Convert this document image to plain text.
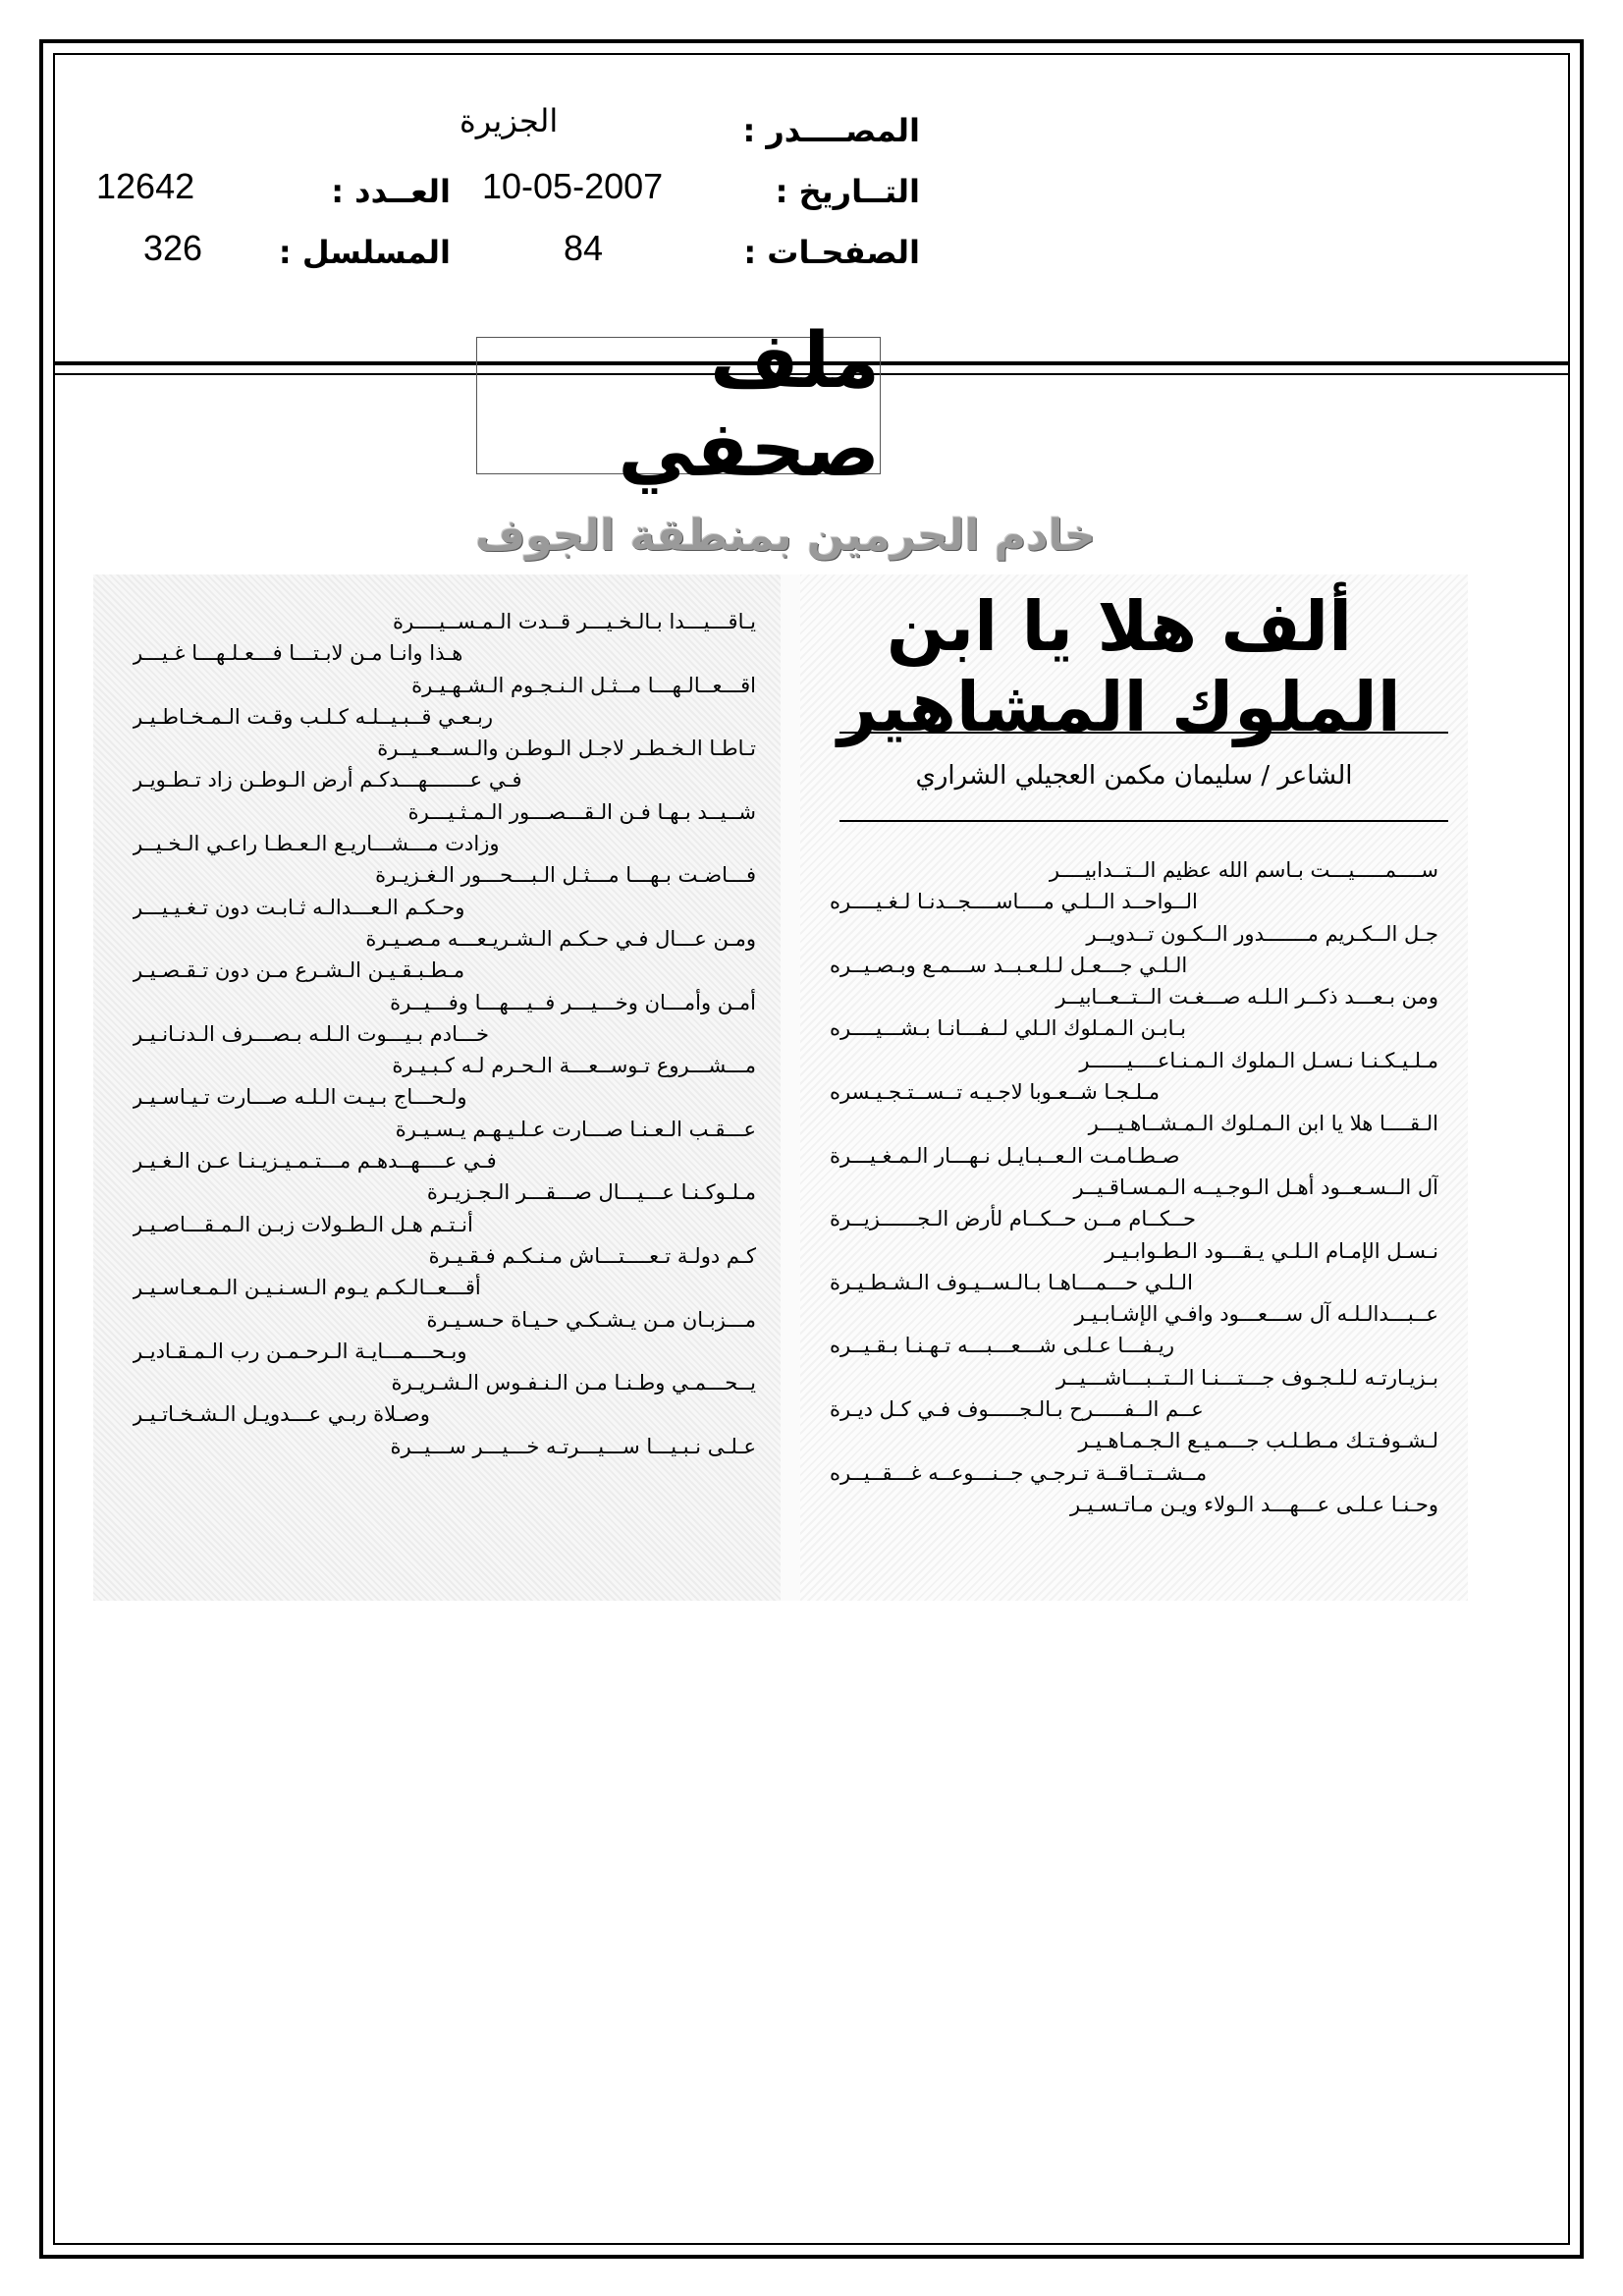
المصــــدر :
التــاريخ :
الصفحـات :
الجزيرة
10-05-2007
84
العــدد :
المسلسل :
12642
326
ملف صحفي
خادم الحرمين بمنطقة الجوف
يـاقـــيـــدا بـالـخـيـــر قــدت الـمـســيــــرة
هـذا وانـا مـن لابـتـــا فـــعـلـهـــا غـيـــر
اقـــعــالـهـــا مــثـل الـنـجـوم الـشـهـيـرة
ربـعـي قــبـيــلـه كـلـب وقـت الـمـخـاطـيـر
تـاطـا الـخـطـر لاجـل الـوطـن والـســعــيــرة
فـي عـــــــهـــدكـم أرض الـوطـن زاد تـطـويـر
شــيــد بـهـا فـن الـقـــصـــور الـمـثـيـــرة
وزادت مـــشـــاريـع الـعـطـا راعـي الـخـيــر
فـــاضـت بـهـــا مـــثـل الـبـــحـــور الـغـزيـرة
وحـكـم الـعـــدالـه ثـابـت دون تـغـيـيـــر
ومـن عـــال فـي حـكـم الـشـريـعـــه مـصـيـرة
مـطـبـقـيـن الـشـرع مـن دون تـقـصـيـر
أمـن وأمـــان وخـــيـــر فــيـــهـــا وفـــيــرة
خـــادم بـيـــوت الـلـه بـصـــرف الـدنـانـيـر
مـــشـــروع تـوســعـــة الـحـرم لـه كـبـيـرة
ولـحـــاج بـيـت الـلـه صـــارت تـيـاسـيـر
عـــقـب الـعـنـا صـــارت عـلـيـهـم يـسـيـرة
فـي عــــهــدهـم مـــتـمـيـزيـنـا عـن الـغـيـر
مـلـوكـنـا عـــيـــال صـــقـــر الـجـزيـرة
أنـتـم هـل الـطـولات زبـن الـمـقـــاصـيـر
كـم دولـة تـعــــتـــاش مـنـكـم فـقـيـرة
أقـــعــالـكـم يـوم الـسـنـيـن الـمـعـاسـيـر
مـــزبـان مـن يـشـكـي حـيـاة حـسـيـرة
وبـحـــمـــايـة الـرحـمـن رب الـمـقـاديـر
يــحـــمـي وطـنـا مـن الـنـفـوس الـشـريـرة
وصـلاة ربـي عـــدويـل الـشـخـاتـيـر
عـلـى نـبـيـــا ســـيـــرتـه خـــيـــر ســـيــرة
ألف هلا يا ابن الملوك المشاهير
الشاعر / سليمان مكمن العجيلي الشراري
ســــمـــــيـــت بـاسم الله عظيم الــتــدابيــــر
الــواحــد الــلـي مــــاســــجــدنـا لـغـيــــره
جـل الــكـريم مـــــــدور الــكـون تــدويــر
الـلـي جـــعـل لـلـعـبــد ســـمـع وبـصـيــره
ومن بـعـــد ذكــر الـلـه صـــغـت الــتــعــابيــر
بـابـن الـمـلوك الـلي لــفـــانـا بـشـــيــــره
مـلـيـكـنـا نـسـل الـملوك الـمـنـاعــــيــــــر
مـلـجـا شــعـوبا لاجـيـه تــســتـجـيـسره
الـقــــا هلا يا ابن الـمـلوك الـمـشــاهـيـــر
صـطـامـت الـعــبـايـل نـهـــار الـمـغـيـــرة
آل الــسـعــود أهـل الـوجـيــه الـمـسـاقـيــر
حــكــام مــن حــكــام لأرض الـجــــــزيــرة
نـسـل الإمـام الـلـي يـقـــود الـطـوابـيـر
الـلـي حـــمـــاهـا بـالـســيـوف الـشـطـيـرة
عــبـــدالـلـه آل ســـعـــود وافـي الإشـابـيـر
ريـفـــا عـلـى شـــعـــبـــه تـهـنـا بـقـيــره
بـزيـارتـه لـلـجـوف جـــتـــنـا الــتــبـــاشـــيــر
عــم الــفـــــرح بـالـجـــــوف فـي كـل ديـرة
لـشـوفـتـك مـطـلـب جـــمـيـع الـجـمـاهـيـر
مــشــتــاقــة تـرجـي جــنـــوعــه غـــقــيــره
وحـنـا عـلـى عـــهـــد الـولاء ويـن مـاتـسـيـر
